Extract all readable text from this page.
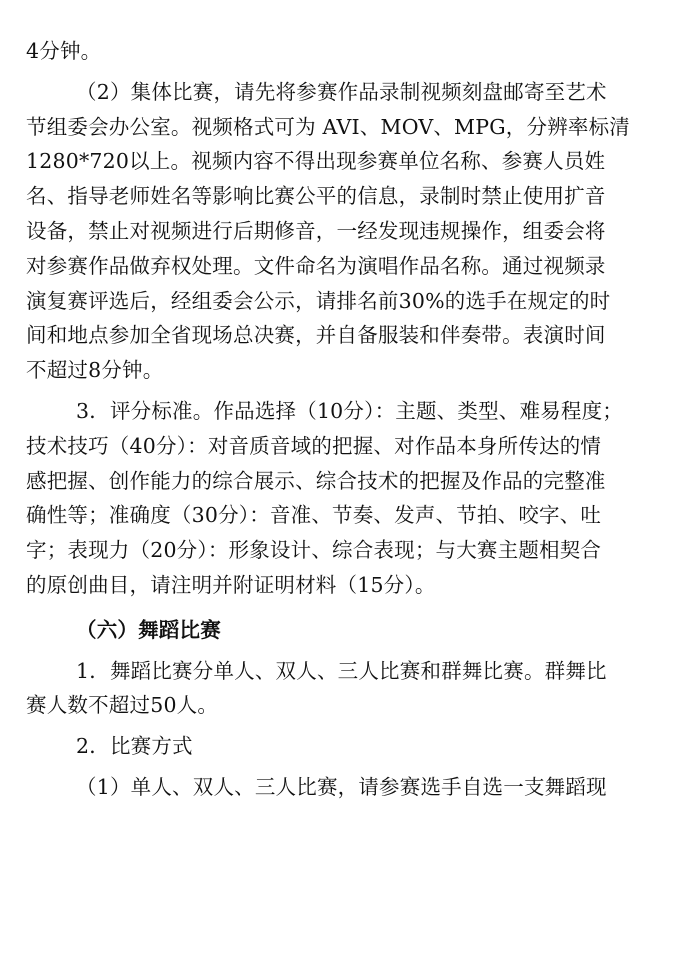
4分钟。

（2）集体比赛，请先将参赛作品录制视频刻盘邮寄至艺术

节组委会办公室。视频格式可为 AVI、MOV、MPG，分辨率标清

1280*720以上。视频内容不得出现参赛单位名称、参赛人员姓

名、指导老师姓名等影响比赛公平的信息，录制时禁止使用扩音

设备，禁止对视频进行后期修音，一经发现违规操作，组委会将

对参赛作品做弃权处理。文件命名为演唱作品名称。通过视频录

演复赛评选后，经组委会公示，请排名前30%的选手在规定的时

间和地点参加全省现场总决赛，并自备服装和伴奏带。表演时间

不超过8分钟。

3．评分标准。作品选择（10分）：主题、类型、难易程度；

技术技巧（40分）：对音质音域的把握、对作品本身所传达的情

感把握、创作能力的综合展示、综合技术的把握及作品的完整准

确性等；准确度（30分）：音准、节奏、发声、节拍、咬字、吐

字；表现力（20分）：形象设计、综合表现；与大赛主题相契合

的原创曲目，请注明并附证明材料（15分）。

（六）舞蹈比赛

1．舞蹈比赛分单人、双人、三人比赛和群舞比赛。群舞比

赛人数不超过50人。

2．比赛方式

（1）单人、双人、三人比赛，请参赛选手自选一支舞蹈现
